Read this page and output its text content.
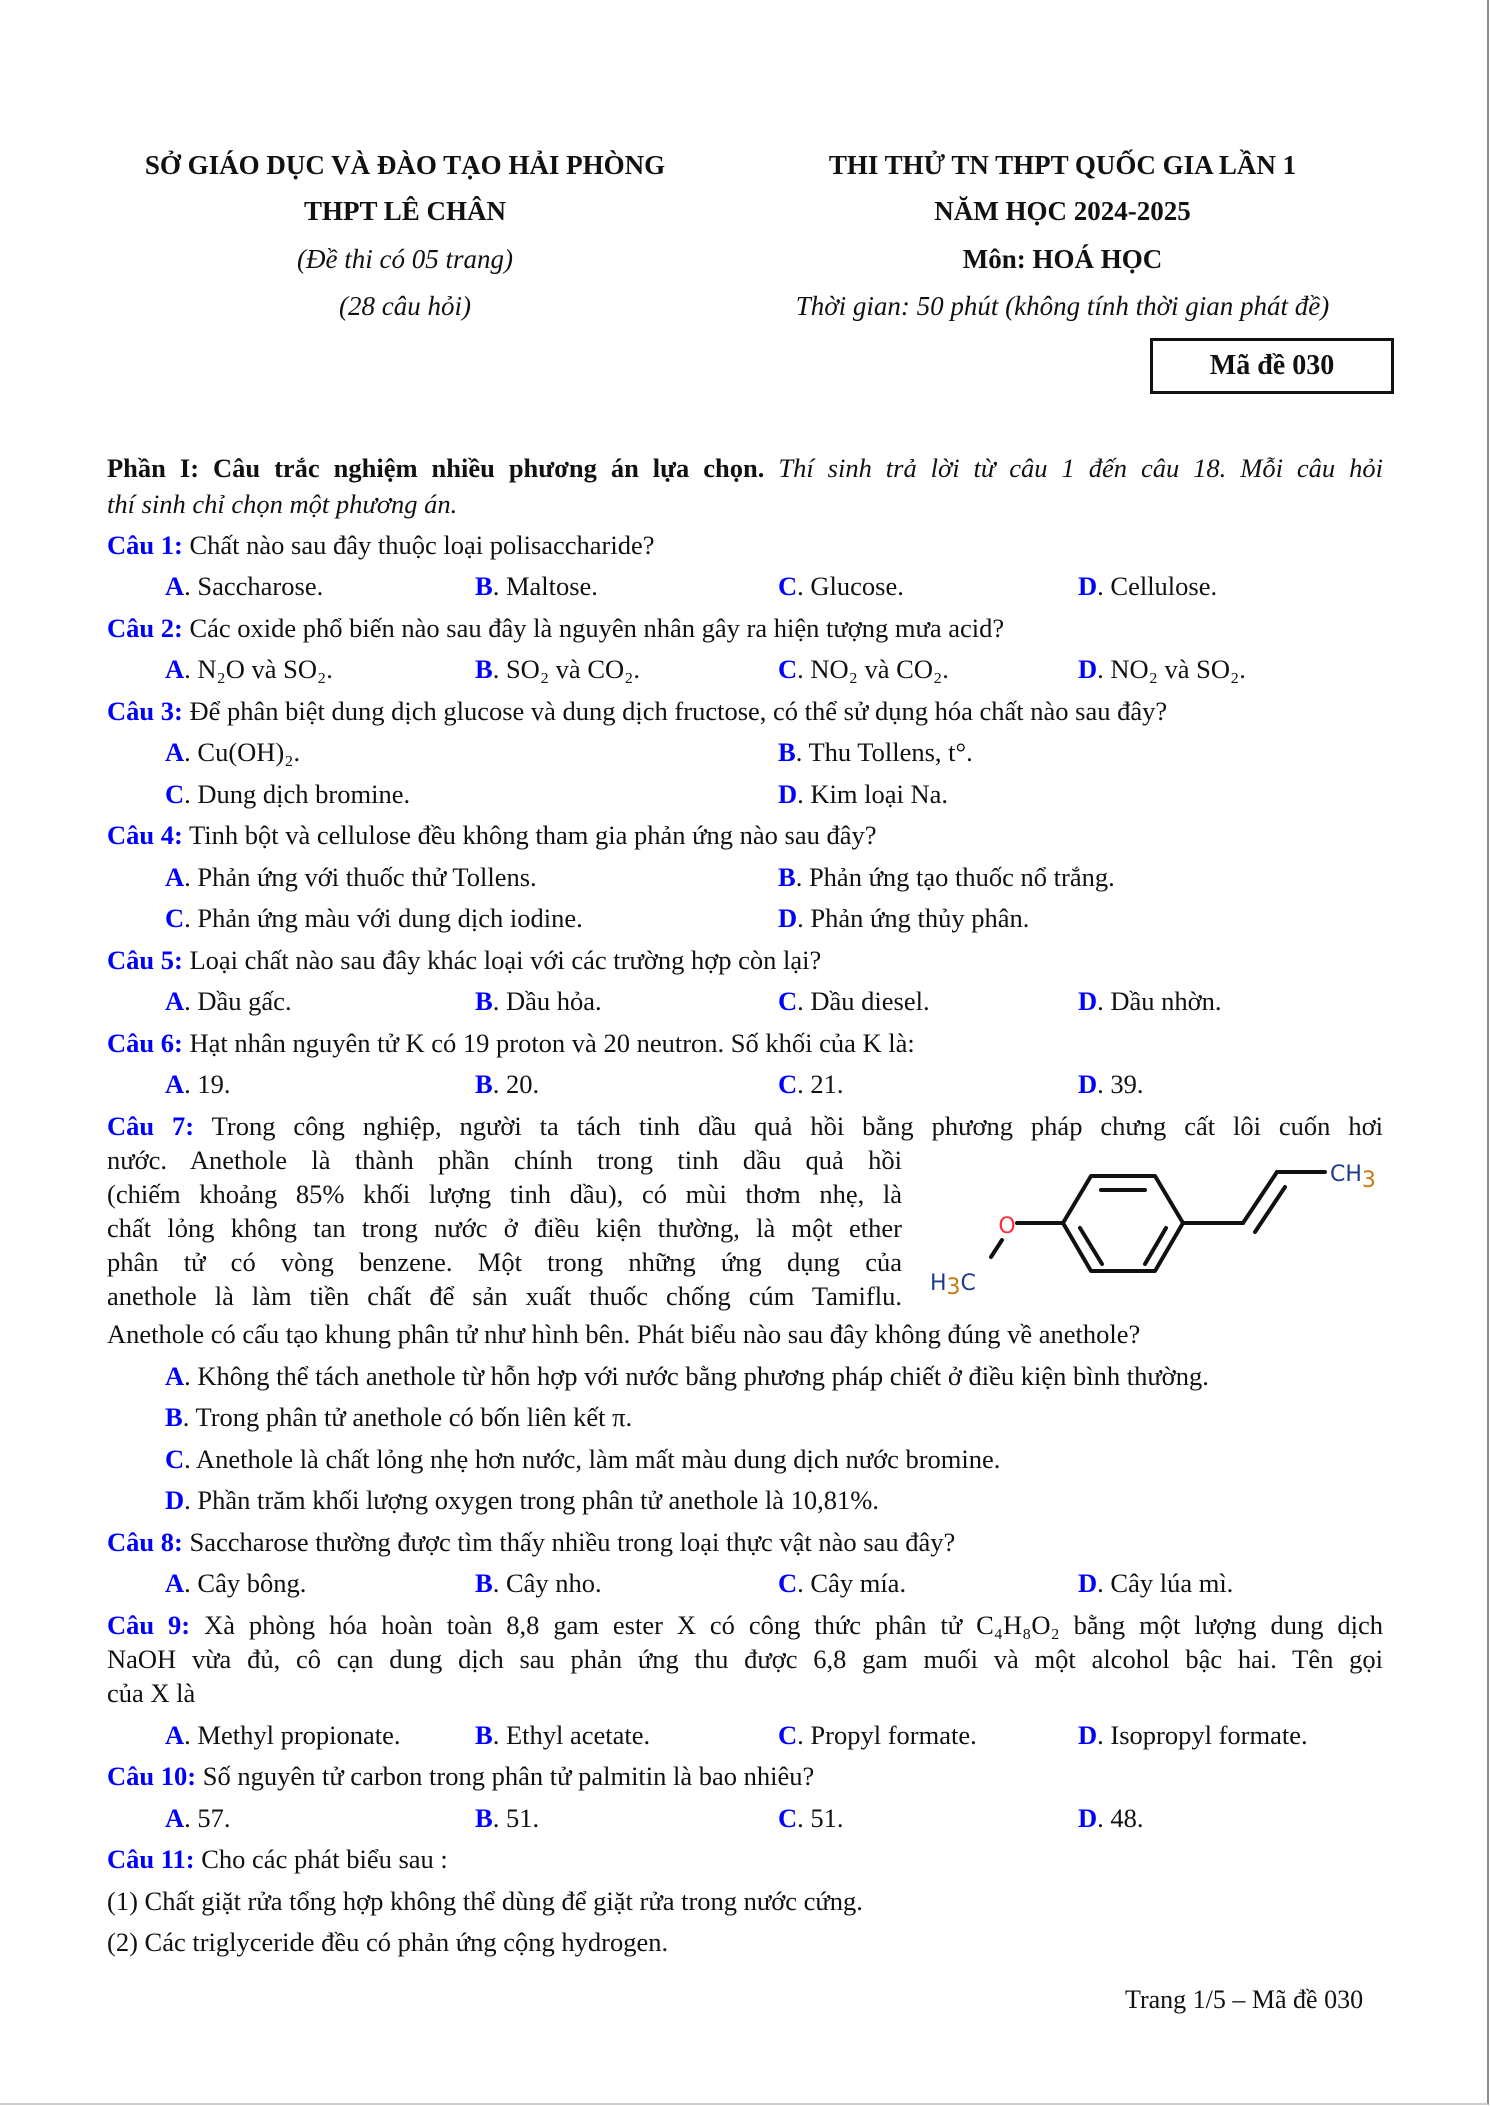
SỞ GIÁO DỤC VÀ ĐÀO TẠO HẢI PHÒNG
THPT LÊ CHÂN
(Đề thi có 05 trang)
(28 câu hỏi)
THI THỬ TN THPT QUỐC GIA LẦN 1
NĂM HỌC 2024-2025
Môn: HOÁ HỌC
Thời gian: 50 phút (không tính thời gian phát đề)
Mã đề 030
Phần I: Câu trắc nghiệm nhiều phương án lựa chọn. Thí sinh trả lời từ câu 1 đến câu 18. Mỗi câu hỏi
thí sinh chỉ chọn một phương án.
Câu 1: Chất nào sau đây thuộc loại polisaccharide?
A. Saccharose.	B. Maltose.	C. Glucose.	D. Cellulose.
Câu 2: Các oxide phổ biến nào sau đây là nguyên nhân gây ra hiện tượng mưa acid?
A. N₂O và SO₂.	B. SO₂ và CO₂.	C. NO₂ và CO₂.	D. NO₂ và SO₂.
Câu 3: Để phân biệt dung dịch glucose và dung dịch fructose, có thể sử dụng hóa chất nào sau đây?
A. Cu(OH)₂.	B. Thu Tollens, t°.
C. Dung dịch bromine.	D. Kim loại Na.
Câu 4: Tinh bột và cellulose đều không tham gia phản ứng nào sau đây?
A. Phản ứng với thuốc thử Tollens.	B. Phản ứng tạo thuốc nổ trắng.
C. Phản ứng màu với dung dịch iodine.	D. Phản ứng thủy phân.
Câu 5: Loại chất nào sau đây khác loại với các trường hợp còn lại?
A. Dầu gấc.	B. Dầu hỏa.	C. Dầu diesel.	D. Dầu nhờn.
Câu 6: Hạt nhân nguyên tử K có 19 proton và 20 neutron. Số khối của K là:
A. 19.	B. 20.	C. 21.	D. 39.
Câu 7: Trong công nghiệp, người ta tách tinh dầu quả hồi bằng phương pháp chưng cất lôi cuốn hơi
nước. Anethole là thành phần chính trong tinh dầu quả hồi
(chiếm khoảng 85% khối lượng tinh dầu), có mùi thơm nhẹ, là
chất lỏng không tan trong nước ở điều kiện thường, là một ether
phân tử có vòng benzene. Một trong những ứng dụng của
anethole là làm tiền chất để sản xuất thuốc chống cúm Tamiflu.
Anethole có cấu tạo khung phân tử như hình bên. Phát biểu nào sau đây không đúng về anethole?
O
CH3
H3C
A. Không thể tách anethole từ hỗn hợp với nước bằng phương pháp chiết ở điều kiện bình thường.
B. Trong phân tử anethole có bốn liên kết π.
C. Anethole là chất lỏng nhẹ hơn nước, làm mất màu dung dịch nước bromine.
D. Phần trăm khối lượng oxygen trong phân tử anethole là 10,81%.
Câu 8: Saccharose thường được tìm thấy nhiều trong loại thực vật nào sau đây?
A. Cây bông.	B. Cây nho.	C. Cây mía.	D. Cây lúa mì.
Câu 9: Xà phòng hóa hoàn toàn 8,8 gam ester X có công thức phân tử C₄H₈O₂ bằng một lượng dung dịch
NaOH vừa đủ, cô cạn dung dịch sau phản ứng thu được 6,8 gam muối và một alcohol bậc hai. Tên gọi
của X là
A. Methyl propionate.	B. Ethyl acetate.	C. Propyl formate.	D. Isopropyl formate.
Câu 10: Số nguyên tử carbon trong phân tử palmitin là bao nhiêu?
A. 57.	B. 51.	C. 51.	D. 48.
Câu 11: Cho các phát biểu sau :
(1) Chất giặt rửa tổng hợp không thể dùng để giặt rửa trong nước cứng.
(2) Các triglyceride đều có phản ứng cộng hydrogen.
Trang 1/5 – Mã đề 030
